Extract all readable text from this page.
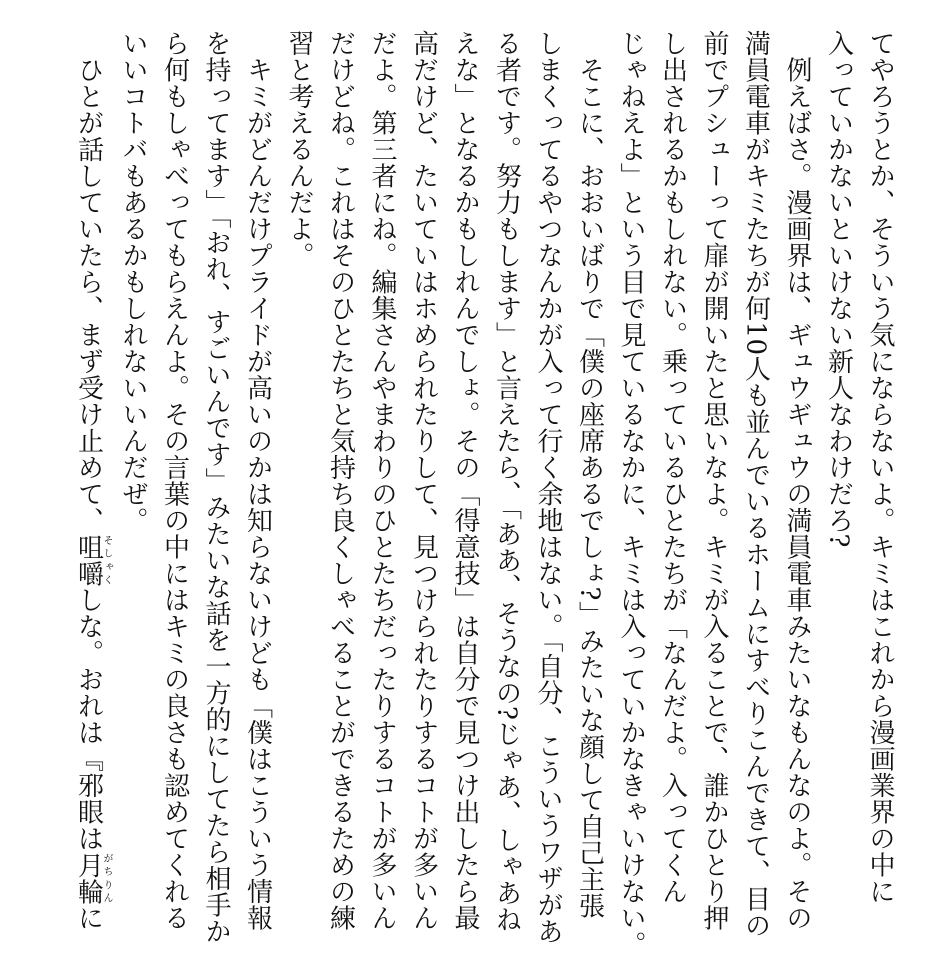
てやろうとか、そういう気にならないよ。キミはこれから漫画業界の中に
入っていかないといけない新人なわけだろ?
　例えばさ。漫画界は、ギュウギュウの満員電車みたいなもんなのよ。その
満員電車がキミたちが何10人も並んでいるホームにすべりこんできて、目の
前でプシューって扉が開いたと思いなよ。キミが入ることで、誰かひとり押
し出されるかもしれない。乗っているひとたちが「なんだよ。入ってくん
じゃねえよ」という目で見ているなかに、キミは入っていかなきゃいけない。
　そこに、おおいばりで「僕の座席あるでしょ?」みたいな顔して自己主張
しまくってるやつなんかが入って行く余地はない。「自分、こういうワザがあ
る者です。努力もします」と言えたら、「ああ、そうなの?じゃあ、しゃあね
えな」となるかもしれんでしょ。その「得意技」は自分で見つけ出したら最
高だけど、たいていはホめられたりして、見つけられたりするコトが多いん
だよ。第三者にね。編集さんやまわりのひとたちだったりするコトが多いん
だけどね。これはそのひとたちと気持ち良くしゃべることができるための練
習と考えるんだよ。
　キミがどんだけプライドが高いのかは知らないけども「僕はこういう情報
を持ってます」「おれ、すごいんです」みたいな話を一方的にしてたら相手か
ら何もしゃべってもらえんよ。その言葉の中にはキミの良さも認めてくれる
いいコトバもあるかもしれないいんだぜ。
　ひとが話していたら、まず受け止めて、咀嚼そしゃくしな。おれは『邪眼は月輪がちりんに
